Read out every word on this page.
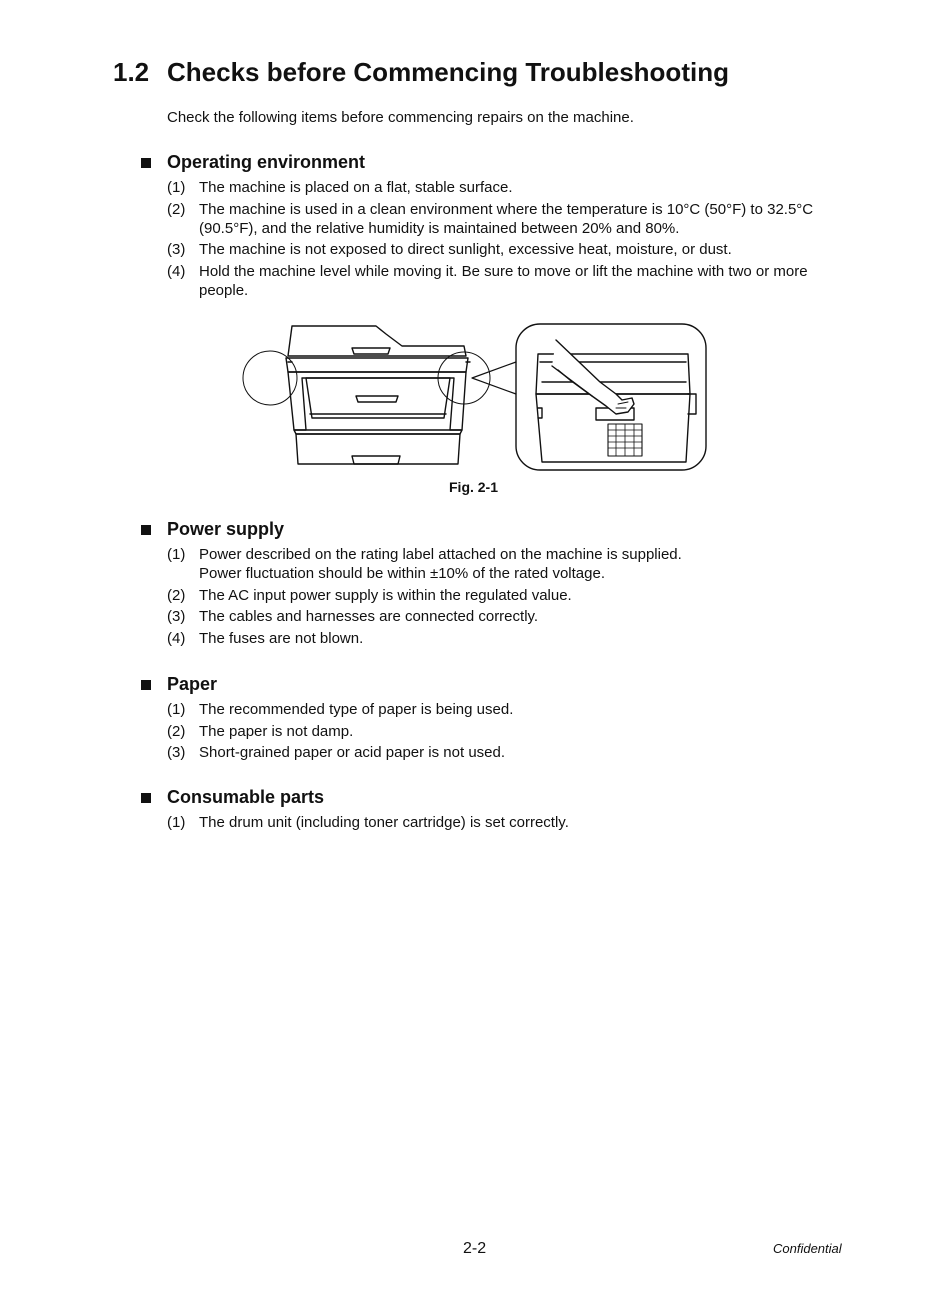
1.2 Checks before Commencing Troubleshooting

Check the following items before commencing repairs on the machine.

Operating environment
(1) The machine is placed on a flat, stable surface.
(2) The machine is used in a clean environment where the temperature is 10°C (50°F) to 32.5°C (90.5°F), and the relative humidity is maintained between 20% and 80%.
(3) The machine is not exposed to direct sunlight, excessive heat, moisture, or dust.
(4) Hold the machine level while moving it. Be sure to move or lift the machine with two or more people.
Fig. 2-1
Power supply
(1) Power described on the rating label attached on the machine is supplied.
Power fluctuation should be within ±10% of the rated voltage.
(2) The AC input power supply is within the regulated value.
(3) The cables and harnesses are connected correctly.
(4) The fuses are not blown.
Paper
(1) The recommended type of paper is being used.
(2) The paper is not damp.
(3) Short-grained paper or acid paper is not used.
Consumable parts
(1) The drum unit (including toner cartridge) is set correctly.
2-2	Confidential
